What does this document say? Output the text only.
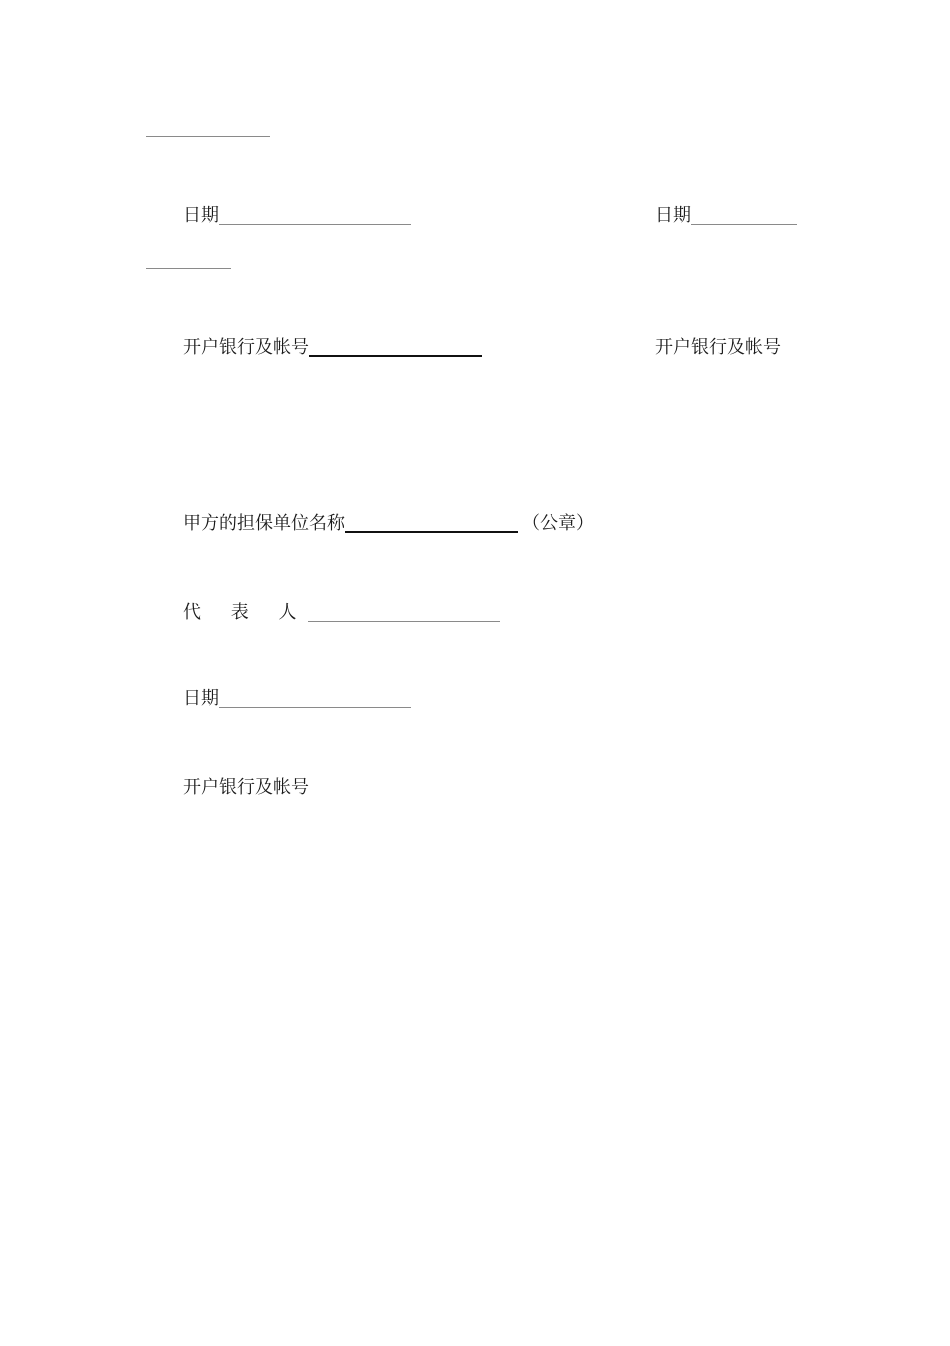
日期	日期
开户银行及帐号	开户银行及帐号
甲方的担保单位名称	（公章）
代 表 人
日期
开户银行及帐号
